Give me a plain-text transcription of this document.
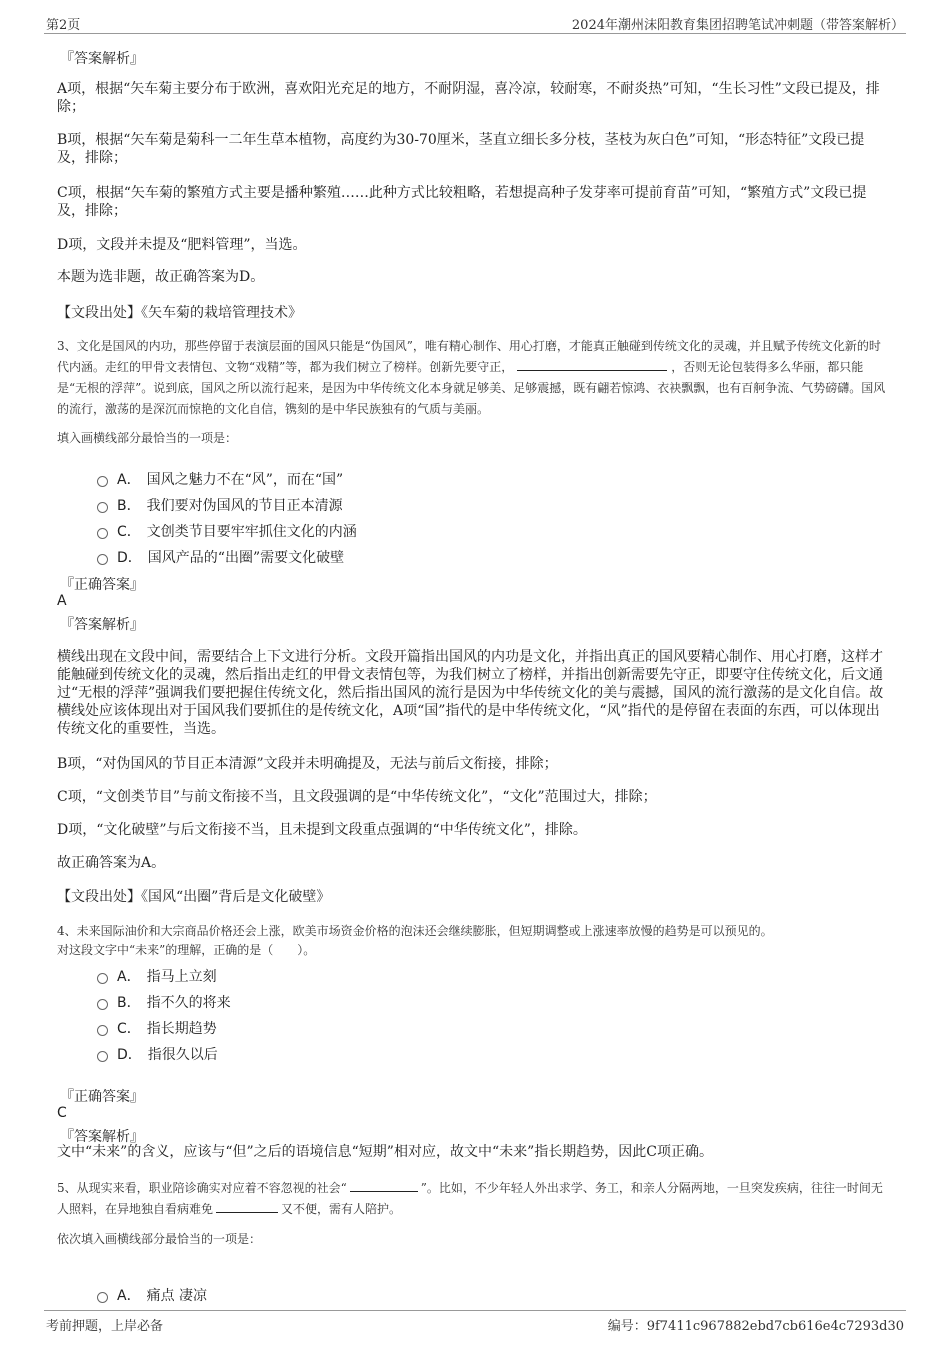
第2页	2024年潮州沫阳教育集团招聘笔试冲刺题（带答案解析）
『答案解析』
A项，根据“矢车菊主要分布于欧洲，喜欢阳光充足的地方，不耐阴湿，喜冷凉，较耐寒，不耐炎热”可知，“生长习性”文段已提及，排除；
B项，根据“矢车菊是菊科一二年生草本植物，高度约为30-70厘米，茎直立细长多分枝，茎枝为灰白色”可知，“形态特征”文段已提及，排除；
C项，根据“矢车菊的繁殖方式主要是播种繁殖……此种方式比较粗略，若想提高种子发芽率可提前育苗”可知，“繁殖方式”文段已提及，排除；
D项，文段并未提及“肥料管理”，当选。
本题为选非题，故正确答案为D。
【文段出处】《矢车菊的栽培管理技术》
3、文化是国风的内功，那些停留于表演层面的国风只能是“伪国风”，唯有精心制作、用心打磨，才能真正触碰到传统文化的灵魂，并且赋予传统文化新的时代内涵。走红的甲骨文表情包、文物“戏精”等，都为我们树立了榜样。创新先要守正，	，否则无论包装得多么华丽，都只能是“无根的浮萍”。说到底，国风之所以流行起来，是因为中华传统文化本身就足够美、足够震撼，既有翩若惊鸿、衣袂飘飘，也有百舸争流、气势磅礴。国风的流行，激荡的是深沉而惊艳的文化自信，镌刻的是中华民族独有的气质与美丽。
填入画横线部分最恰当的一项是：
A． 国风之魅力不在“风”，而在“国”
B． 我们要对伪国风的节目正本清源
C． 文创类节目要牢牢抓住文化的内涵
D． 国风产品的“出圈”需要文化破壁
『正确答案』
A
『答案解析』
横线出现在文段中间，需要结合上下文进行分析。文段开篇指出国风的内功是文化，并指出真正的国风要精心制作、用心打磨，这样才能触碰到传统文化的灵魂，然后指出走红的甲骨文表情包等，为我们树立了榜样，并指出创新需要先守正，即要守住传统文化，后文通过“无根的浮萍”强调我们要把握住传统文化，然后指出国风的流行是因为中华传统文化的美与震撼，国风的流行激荡的是文化自信。故横线处应该体现出对于国风我们要抓住的是传统文化，A项“国”指代的是中华传统文化，“风”指代的是停留在表面的东西，可以体现出传统文化的重要性，当选。
B项，“对伪国风的节目正本清源”文段并未明确提及，无法与前后文衔接，排除；
C项，“文创类节目”与前文衔接不当，且文段强调的是“中华传统文化”，“文化”范围过大，排除；
D项，“文化破壁”与后文衔接不当，且未提到文段重点强调的“中华传统文化”，排除。
故正确答案为A。
【文段出处】《国风“出圈”背后是文化破壁》
4、未来国际油价和大宗商品价格还会上涨，欧美市场资金价格的泡沫还会继续膨胀，但短期调整或上涨速率放慢的趋势是可以预见的。
对这段文字中“未来”的理解，正确的是（　　）。
A． 指马上立刻
B． 指不久的将来
C． 指长期趋势
D． 指很久以后
『正确答案』
C
『答案解析』
文中“未来”的含义，应该与“但”之后的语境信息“短期”相对应，故文中“未来”指长期趋势，因此C项正确。
5、从现实来看，职业陪诊确实对应着不容忽视的社会“	”。比如，不少年轻人外出求学、务工，和亲人分隔两地，一旦突发疾病，往往一时间无人照料，在异地独自看病难免	又不便，需有人陪护。
依次填入画横线部分最恰当的一项是：
A． 痛点 凄凉
考前押题，上岸必备	编号：9f7411c967882ebd7cb616e4c7293d30
